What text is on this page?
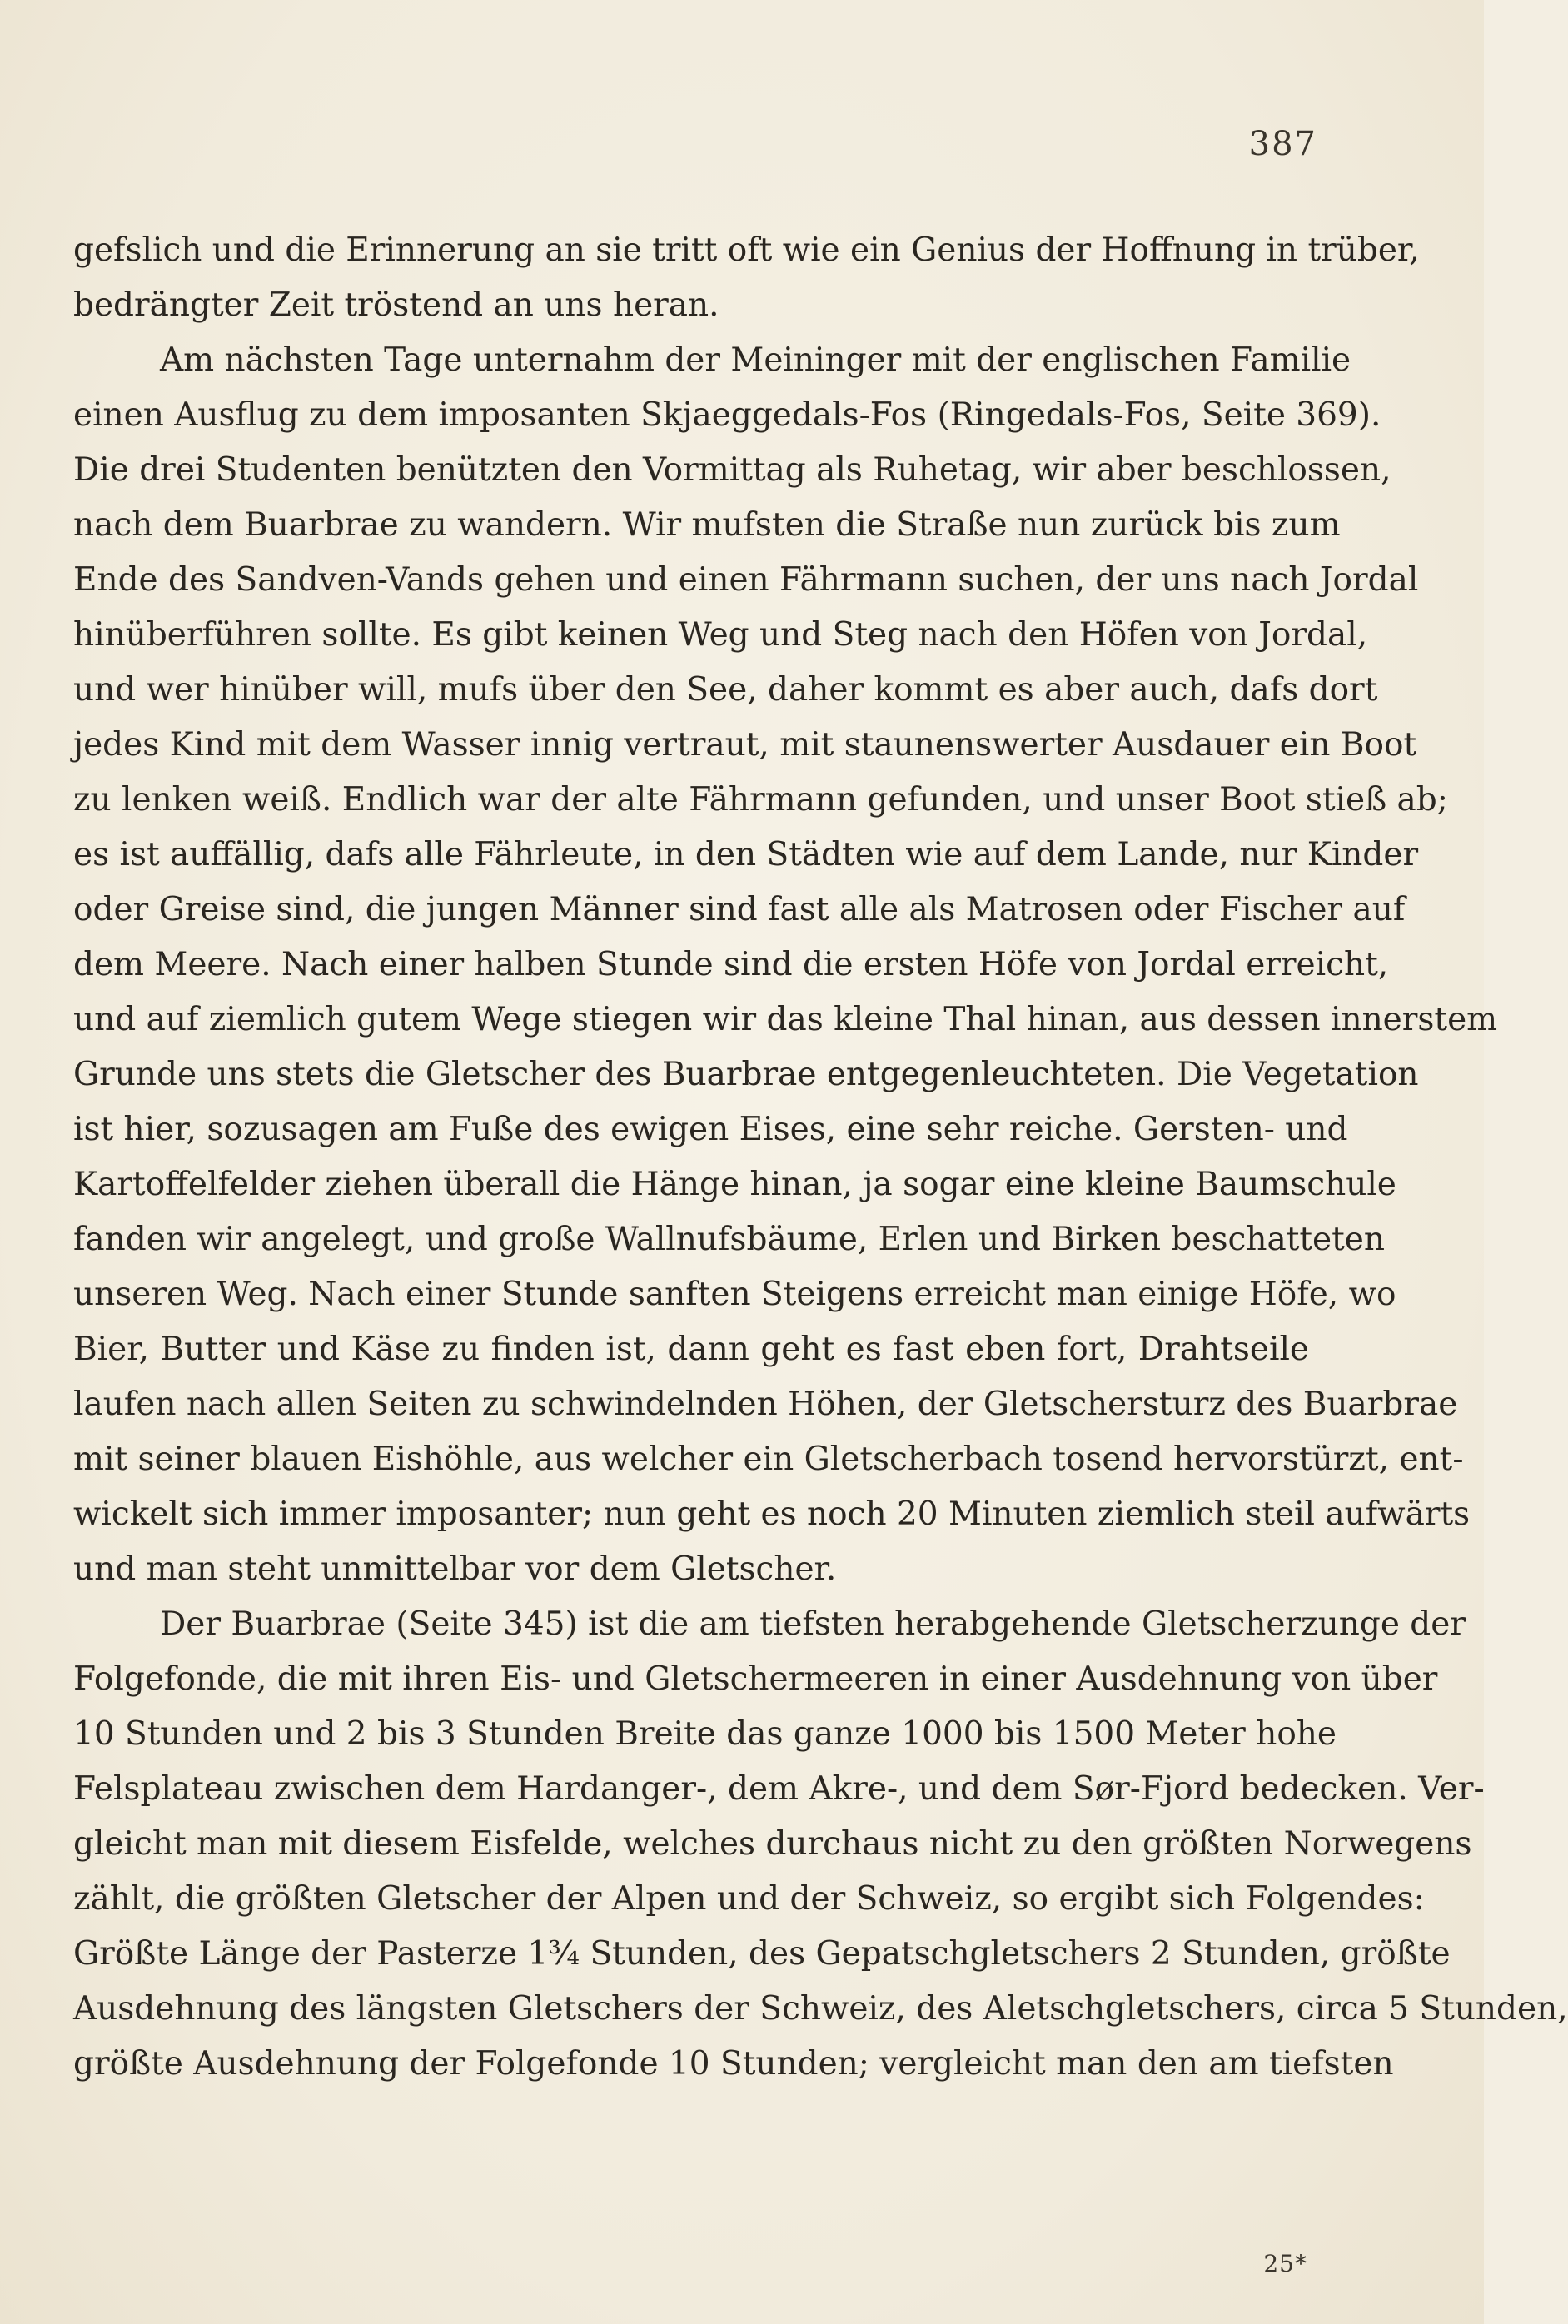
387
gefslich und die Erinnerung an sie tritt oft wie ein Genius der Hoffnung in trüber,
bedrängter Zeit tröstend an uns heran.
Am nächsten Tage unternahm der Meininger mit der englischen Familie
einen Ausflug zu dem imposanten Skjaeggedals-Fos (Ringedals-Fos, Seite 369).
Die drei Studenten benützten den Vormittag als Ruhetag, wir aber beschlossen,
nach dem Buarbrae zu wandern. Wir mufsten die Straße nun zurück bis zum
Ende des Sandven-Vands gehen und einen Fährmann suchen, der uns nach Jordal
hinüberführen sollte. Es gibt keinen Weg und Steg nach den Höfen von Jordal,
und wer hinüber will, mufs über den See, daher kommt es aber auch, dafs dort
jedes Kind mit dem Wasser innig vertraut, mit staunenswerter Ausdauer ein Boot
zu lenken weiß. Endlich war der alte Fährmann gefunden, und unser Boot stieß ab;
es ist auffällig, dafs alle Fährleute, in den Städten wie auf dem Lande, nur Kinder
oder Greise sind, die jungen Männer sind fast alle als Matrosen oder Fischer auf
dem Meere. Nach einer halben Stunde sind die ersten Höfe von Jordal erreicht,
und auf ziemlich gutem Wege stiegen wir das kleine Thal hinan, aus dessen innerstem
Grunde uns stets die Gletscher des Buarbrae entgegenleuchteten. Die Vegetation
ist hier, sozusagen am Fuße des ewigen Eises, eine sehr reiche. Gersten- und
Kartoffelfelder ziehen überall die Hänge hinan, ja sogar eine kleine Baumschule
fanden wir angelegt, und große Wallnufsbäume, Erlen und Birken beschatteten
unseren Weg. Nach einer Stunde sanften Steigens erreicht man einige Höfe, wo
Bier, Butter und Käse zu finden ist, dann geht es fast eben fort, Drahtseile
laufen nach allen Seiten zu schwindelnden Höhen, der Gletschersturz des Buarbrae
mit seiner blauen Eishöhle, aus welcher ein Gletscherbach tosend hervorstürzt, ent-
wickelt sich immer imposanter; nun geht es noch 20 Minuten ziemlich steil aufwärts
und man steht unmittelbar vor dem Gletscher.
Der Buarbrae (Seite 345) ist die am tiefsten herabgehende Gletscherzunge der
Folgefonde, die mit ihren Eis- und Gletschermeeren in einer Ausdehnung von über
10 Stunden und 2 bis 3 Stunden Breite das ganze 1000 bis 1500 Meter hohe
Felsplateau zwischen dem Hardanger-, dem Akre-, und dem Sør-Fjord bedecken. Ver-
gleicht man mit diesem Eisfelde, welches durchaus nicht zu den größten Norwegens
zählt, die größten Gletscher der Alpen und der Schweiz, so ergibt sich Folgendes:
Größte Länge der Pasterze 1¾ Stunden, des Gepatschgletschers 2 Stunden, größte
Ausdehnung des längsten Gletschers der Schweiz, des Aletschgletschers, circa 5 Stunden,
größte Ausdehnung der Folgefonde 10 Stunden; vergleicht man den am tiefsten
25*
